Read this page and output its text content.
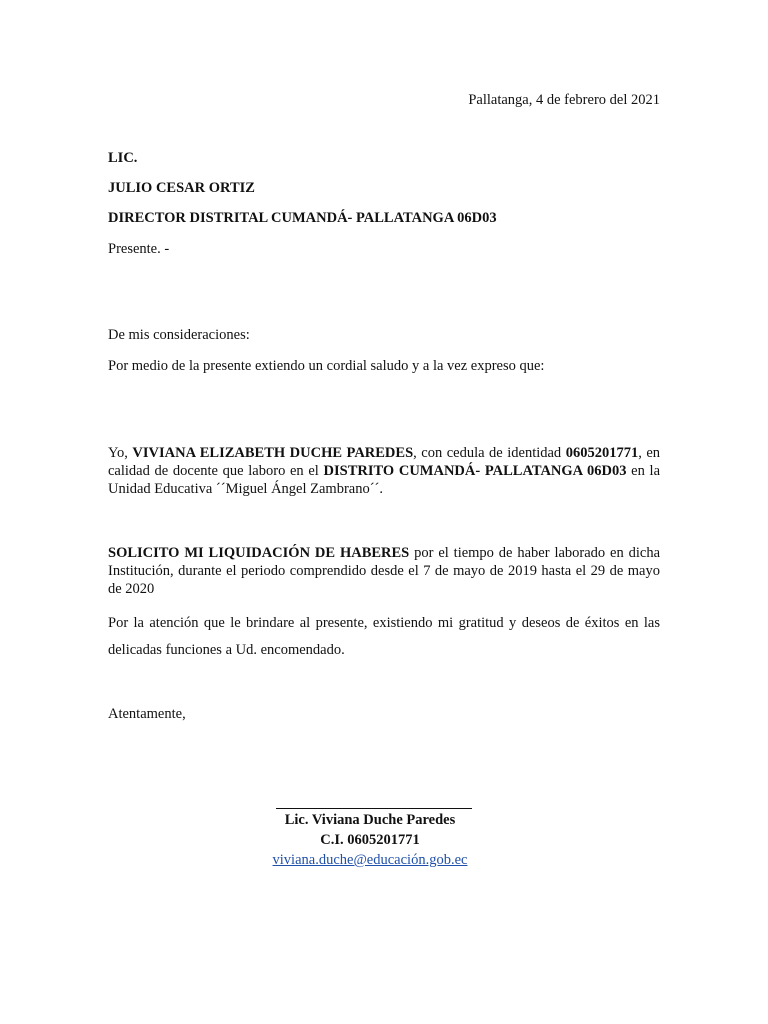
Pallatanga, 4 de febrero del 2021
LIC.
JULIO CESAR ORTIZ
DIRECTOR DISTRITAL CUMANDÁ- PALLATANGA 06D03
Presente. -
De mis consideraciones:
Por medio de la presente extiendo un cordial saludo y a la vez expreso que:
Yo, VIVIANA ELIZABETH DUCHE PAREDES, con cedula de identidad 0605201771, en calidad de docente que laboro en el DISTRITO CUMANDÁ- PALLATANGA 06D03 en la Unidad Educativa ´´Miguel Ángel Zambrano´´.
SOLICITO MI LIQUIDACIÓN DE HABERES por el tiempo de haber laborado en dicha Institución, durante el periodo comprendido desde el 7 de mayo de 2019 hasta el 29 de mayo de 2020
Por la atención que le brindare al presente, existiendo mi gratitud y deseos de éxitos en las delicadas funciones a Ud. encomendado.
Atentamente,
Lic. Viviana Duche Paredes
C.I. 0605201771
viviana.duche@educación.gob.ec
